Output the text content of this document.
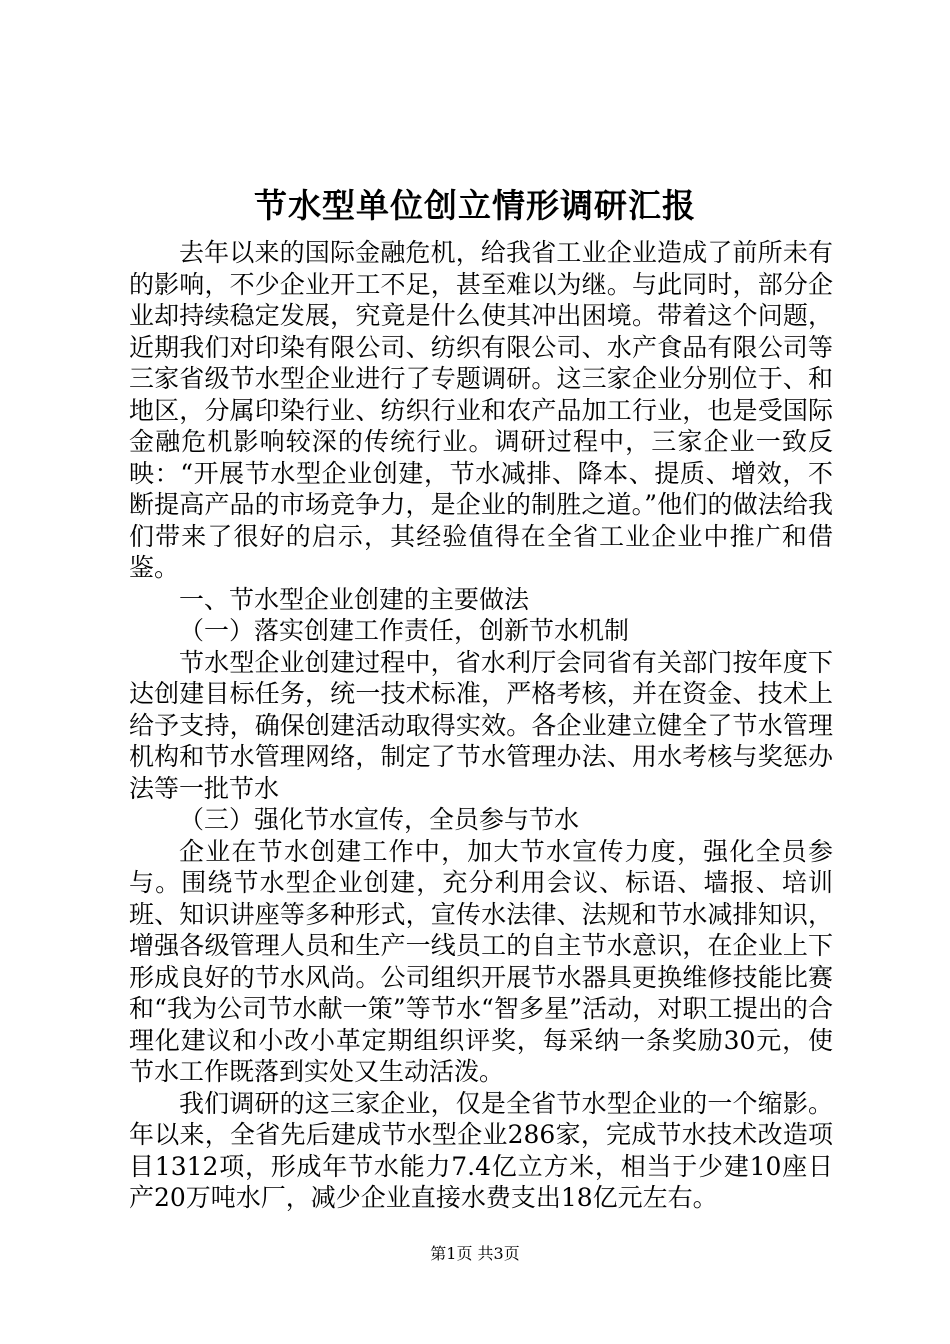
节水型单位创立情形调研汇报

去年以来的国际金融危机，给我省工业企业造成了前所未有的影响，不少企业开工不足，甚至难以为继。与此同时，部分企业却持续稳定发展，究竟是什么使其冲出困境。带着这个问题，近期我们对印染有限公司、纺织有限公司、水产食品有限公司等三家省级节水型企业进行了专题调研。这三家企业分别位于、和地区，分属印染行业、纺织行业和农产品加工行业，也是受国际金融危机影响较深的传统行业。调研过程中，三家企业一致反映：“开展节水型企业创建，节水减排、降本、提质、增效，不断提高产品的市场竞争力，是企业的制胜之道。”他们的做法给我们带来了很好的启示，其经验值得在全省工业企业中推广和借鉴。

一、节水型企业创建的主要做法

（一）落实创建工作责任，创新节水机制

节水型企业创建过程中，省水利厅会同省有关部门按年度下达创建目标任务，统一技术标准，严格考核，并在资金、技术上给予支持，确保创建活动取得实效。各企业建立健全了节水管理机构和节水管理网络，制定了节水管理办法、用水考核与奖惩办法等一批节水

（三）强化节水宣传，全员参与节水

企业在节水创建工作中，加大节水宣传力度，强化全员参与。围绕节水型企业创建，充分利用会议、标语、墙报、培训班、知识讲座等多种形式，宣传水法律、法规和节水减排知识，增强各级管理人员和生产一线员工的自主节水意识，在企业上下形成良好的节水风尚。公司组织开展节水器具更换维修技能比赛和“我为公司节水献一策”等节水“智多星”活动，对职工提出的合理化建议和小改小革定期组织评奖，每采纳一条奖励30元，使节水工作既落到实处又生动活泼。

我们调研的这三家企业，仅是全省节水型企业的一个缩影。年以来，全省先后建成节水型企业286家，完成节水技术改造项目1312项，形成年节水能力7.4亿立方米，相当于少建10座日产20万吨水厂，减少企业直接水费支出18亿元左右。

第1页 共3页
